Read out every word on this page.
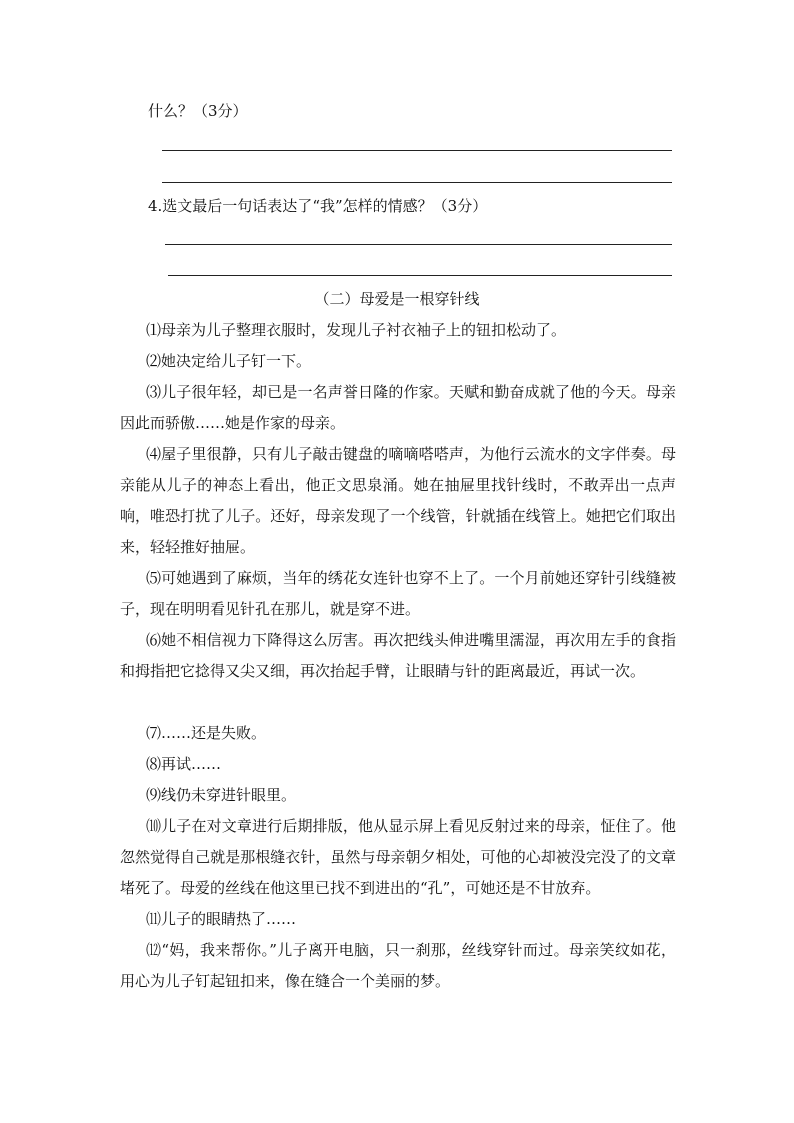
什么？（3分）
4.选文最后一句话表达了“我”怎样的情感？（3分）
（二）母爱是一根穿针线

⑴母亲为儿子整理衣服时，发现儿子衬衣袖子上的钮扣松动了。

⑵她决定给儿子钉一下。

⑶儿子很年轻，却已是一名声誉日隆的作家。天赋和勤奋成就了他的今天。母亲因此而骄傲……她是作家的母亲。

⑷屋子里很静，只有儿子敲击键盘的嘀嘀嗒嗒声，为他行云流水的文字伴奏。母亲能从儿子的神态上看出，他正文思泉涌。她在抽屉里找针线时，不敢弄出一点声响，唯恐打扰了儿子。还好，母亲发现了一个线管，针就插在线管上。她把它们取出来，轻轻推好抽屉。

⑸可她遇到了麻烦，当年的绣花女连针也穿不上了。一个月前她还穿针引线缝被子，现在明明看见针孔在那儿，就是穿不进。

⑹她不相信视力下降得这么厉害。再次把线头伸进嘴里濡湿，再次用左手的食指和拇指把它捻得又尖又细，再次抬起手臂，让眼睛与针的距离最近，再试一次。

⑺……还是失败。

⑻再试……

⑼线仍未穿进针眼里。

⑽儿子在对文章进行后期排版，他从显示屏上看见反射过来的母亲，怔住了。他忽然觉得自己就是那根缝衣针，虽然与母亲朝夕相处，可他的心却被没完没了的文章堵死了。母爱的丝线在他这里已找不到进出的“孔”，可她还是不甘放弃。

⑾儿子的眼睛热了……

⑿“妈，我来帮你。”儿子离开电脑，只一刹那，丝线穿针而过。母亲笑纹如花，用心为儿子钉起钮扣来，像在缝合一个美丽的梦。
